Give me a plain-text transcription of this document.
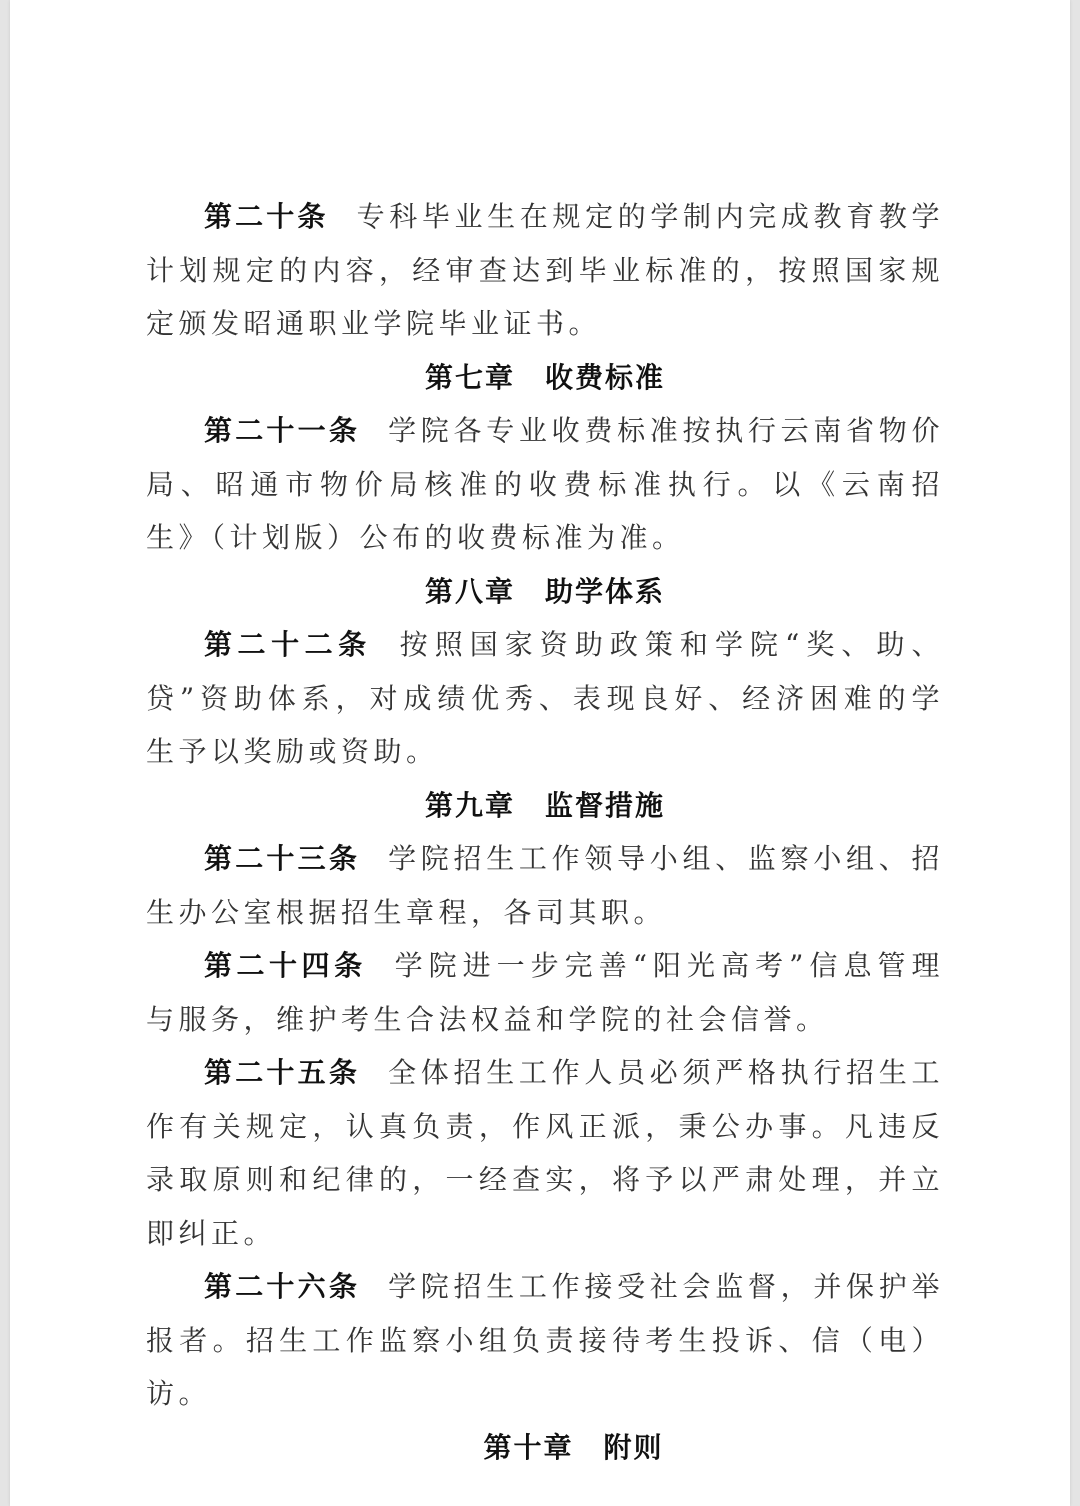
第二十条 专科毕业生在规定的学制内完成教育教学计划规定的内容，经审查达到毕业标准的，按照国家规定颁发昭通职业学院毕业证书。

第七章 收费标准

第二十一条 学院各专业收费标准按执行云南省物价局、昭通市物价局核准的收费标准执行。以《云南招生》（计划版）公布的收费标准为准。

第八章 助学体系

第二十二条 按照国家资助政策和学院“奖、助、贷”资助体系，对成绩优秀、表现良好、经济困难的学生予以奖励或资助。

第九章 监督措施

第二十三条 学院招生工作领导小组、监察小组、招生办公室根据招生章程，各司其职。

第二十四条 学院进一步完善“阳光高考”信息管理与服务，维护考生合法权益和学院的社会信誉。

第二十五条 全体招生工作人员必须严格执行招生工作有关规定，认真负责，作风正派，秉公办事。凡违反录取原则和纪律的，一经查实，将予以严肃处理，并立即纠正。

第二十六条 学院招生工作接受社会监督，并保护举报者。招生工作监察小组负责接待考生投诉、信（电）访。

第十章 附则
